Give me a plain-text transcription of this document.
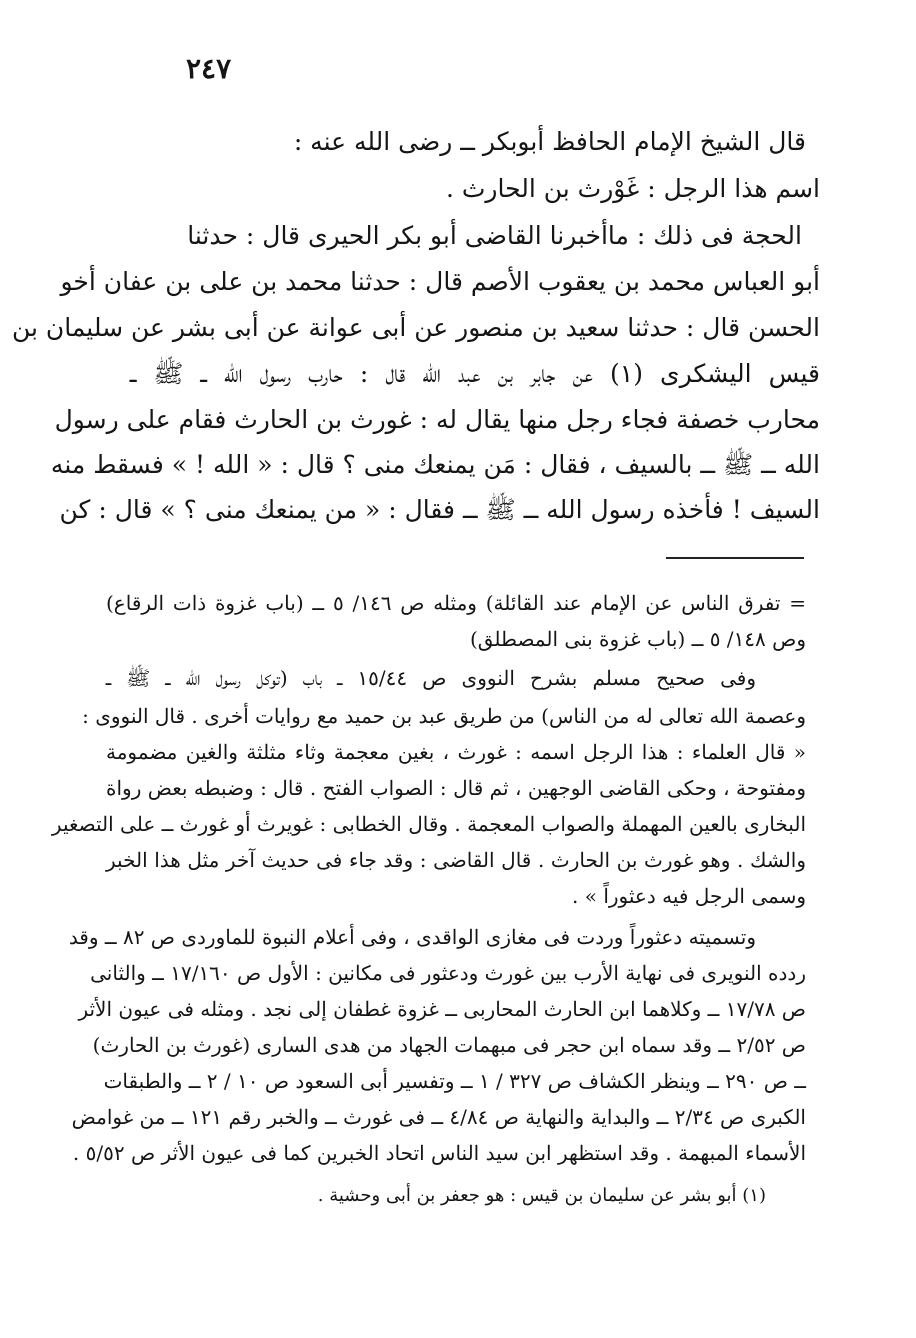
٢٤٧
قال الشيخ الإمام الحافظ أبوبكر ــ رضى الله عنه :
اسم هذا الرجل : غَوْرث بن الحارث .
الحجة فى ذلك : ماأخبرنا القاضى أبو بكر الحيرى قال : حدثنا
أبو العباس محمد بن يعقوب الأصم قال : حدثنا محمد بن على بن عفان أخو
الحسن قال : حدثنا سعيد بن منصور عن أبى عوانة عن أبى بشر عن سليمان بن
قيس اليشكرى (١) عن جابر بن عبد الله قال : حارب رسول الله ــ ﷺ ــ
محارب خصفة فجاء رجل منها يقال له : غورث بن الحارث فقام على رسول
الله ــ ﷺ ــ بالسيف ، فقال : مَن يمنعك منى ؟ قال : « الله ! » فسقط منه
السيف ! فأخذه رسول الله ــ ﷺ ــ فقال : « من يمنعك منى ؟ » قال : كن
= تفرق الناس عن الإمام عند القائلة) ومثله ص ١٤٦/ ٥ ــ (باب غزوة ذات الرقاع)
وص ١٤٨/ ٥ ــ (باب غزوة بنى المصطلق)
وفى صحيح مسلم بشرح النووى ص ١٥/٤٤ ــ باب (توكل رسول الله ــ ﷺ ــ
وعصمة الله تعالى له من الناس) من طريق عبد بن حميد مع روايات أخرى . قال النووى :
« قال العلماء : هذا الرجل اسمه : غورث ، بغين معجمة وثاء مثلثة والغين مضمومة
ومفتوحة ، وحكى القاضى الوجهين ، ثم قال : الصواب الفتح . قال : وضبطه بعض رواة
البخارى بالعين المهملة والصواب المعجمة . وقال الخطابى : غويرث أو غورث ــ على التصغير
والشك . وهو غورث بن الحارث . قال القاضى : وقد جاء فى حديث آخر مثل هذا الخبر
وسمى الرجل فيه دعثوراً » .
وتسميته دعثوراً وردت فى مغازى الواقدى ، وفى أعلام النبوة للماوردى ص ٨٢ ــ وقد
ردده النويرى فى نهاية الأرب بين غورث ودعثور فى مكانين : الأول ص ١٧/١٦٠ ــ والثانى
ص ١٧/٧٨ ــ وكلاهما ابن الحارث المحاربى ــ غزوة غطفان إلى نجد . ومثله فى عيون الأثر
ص ٢/٥٢ ــ وقد سماه ابن حجر فى مبهمات الجهاد من هدى السارى (غورث بن الحارث)
ــ ص ٢٩٠ ــ وينظر الكشاف ص ٣٢٧ / ١ ــ وتفسير أبى السعود ص ١٠ / ٢ ــ والطبقات
الكبرى ص ٢/٣٤ ــ والبداية والنهاية ص ٤/٨٤ ــ فى غورث ــ والخبر رقم ١٢١ ــ من غوامض
الأسماء المبهمة . وقد استظهر ابن سيد الناس اتحاد الخبرين كما فى عيون الأثر ص ٥/٥٢ .
(١) أبو بشر عن سليمان بن قيس : هو جعفر بن أبى وحشية .
